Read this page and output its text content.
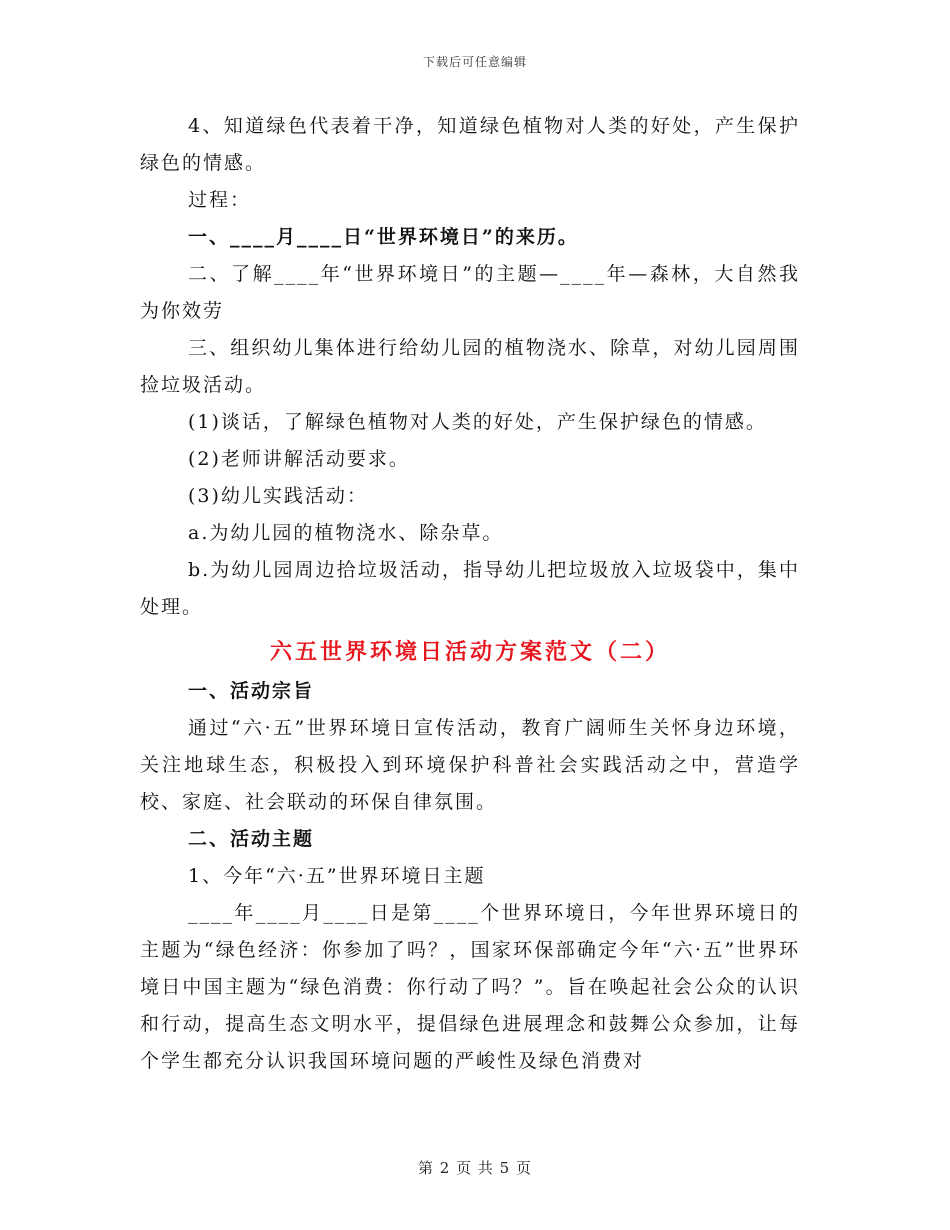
下载后可任意编辑

4、知道绿色代表着干净，知道绿色植物对人类的好处，产生保护绿色的情感。

过程：

一、____月____日“世界环境日”的来历。

二、了解____年“世界环境日”的主题—____年—森林，大自然我为你效劳

三、组织幼儿集体进行给幼儿园的植物浇水、除草，对幼儿园周围捡垃圾活动。

(1)谈话，了解绿色植物对人类的好处，产生保护绿色的情感。

(2)老师讲解活动要求。

(3)幼儿实践活动：

a.为幼儿园的植物浇水、除杂草。

b.为幼儿园周边拾垃圾活动，指导幼儿把垃圾放入垃圾袋中，集中处理。

六五世界环境日活动方案范文（二）

一、活动宗旨

通过“六·五”世界环境日宣传活动，教育广阔师生关怀身边环境，关注地球生态，积极投入到环境保护科普社会实践活动之中，营造学校、家庭、社会联动的环保自律氛围。

二、活动主题

1、今年“六·五”世界环境日主题

____年____月____日是第____个世界环境日，今年世界环境日的主题为“绿色经济：你参加了吗？，国家环保部确定今年“六·五”世界环境日中国主题为“绿色消费：你行动了吗？”。旨在唤起社会公众的认识和行动，提高生态文明水平，提倡绿色进展理念和鼓舞公众参加，让每个学生都充分认识我国环境问题的严峻性及绿色消费对

第 2 页 共 5 页
